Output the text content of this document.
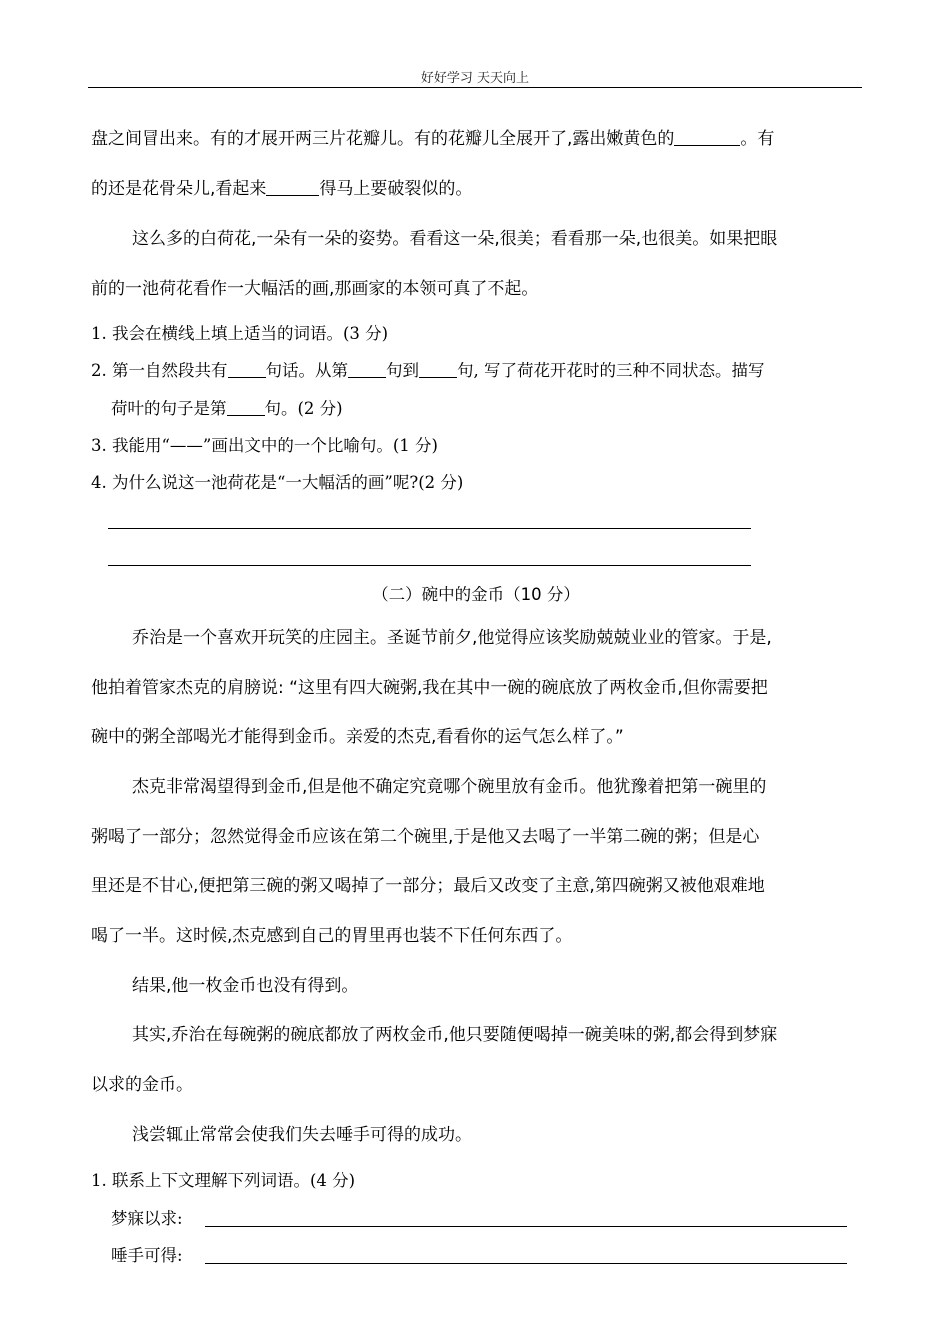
好好学习 天天向上
盘之间冒出来。有的才展开两三片花瓣儿。有的花瓣儿全展开了,露出嫩黄色的	。有
的还是花骨朵儿,看起来	得马上要破裂似的。
这么多的白荷花,一朵有一朵的姿势。看看这一朵,很美；看看那一朵,也很美。如果把眼
前的一池荷花看作一大幅活的画,那画家的本领可真了不起。
1. 我会在横线上填上适当的词语。(3 分)
2. 第一自然段共有 句话。从第 句到 句, 写了荷花开花时的三种不同状态。描写
荷叶的句子是第 句。(2 分)
3. 我能用“——”画出文中的一个比喻句。(1 分)
4. 为什么说这一池荷花是“一大幅活的画”呢?(2 分)
（二）碗中的金币（10 分）
乔治是一个喜欢开玩笑的庄园主。圣诞节前夕,他觉得应该奖励兢兢业业的管家。于是,
他拍着管家杰克的肩膀说: “这里有四大碗粥,我在其中一碗的碗底放了两枚金币,但你需要把
碗中的粥全部喝光才能得到金币。亲爱的杰克,看看你的运气怎么样了。”
杰克非常渴望得到金币,但是他不确定究竟哪个碗里放有金币。他犹豫着把第一碗里的
粥喝了一部分；忽然觉得金币应该在第二个碗里,于是他又去喝了一半第二碗的粥；但是心
里还是不甘心,便把第三碗的粥又喝掉了一部分；最后又改变了主意,第四碗粥又被他艰难地
喝了一半。这时候,杰克感到自己的胃里再也装不下任何东西了。
结果,他一枚金币也没有得到。
其实,乔治在每碗粥的碗底都放了两枚金币,他只要随便喝掉一碗美味的粥,都会得到梦寐
以求的金币。
浅尝辄止常常会使我们失去唾手可得的成功。
1. 联系上下文理解下列词语。(4 分)
梦寐以求:
唾手可得:
